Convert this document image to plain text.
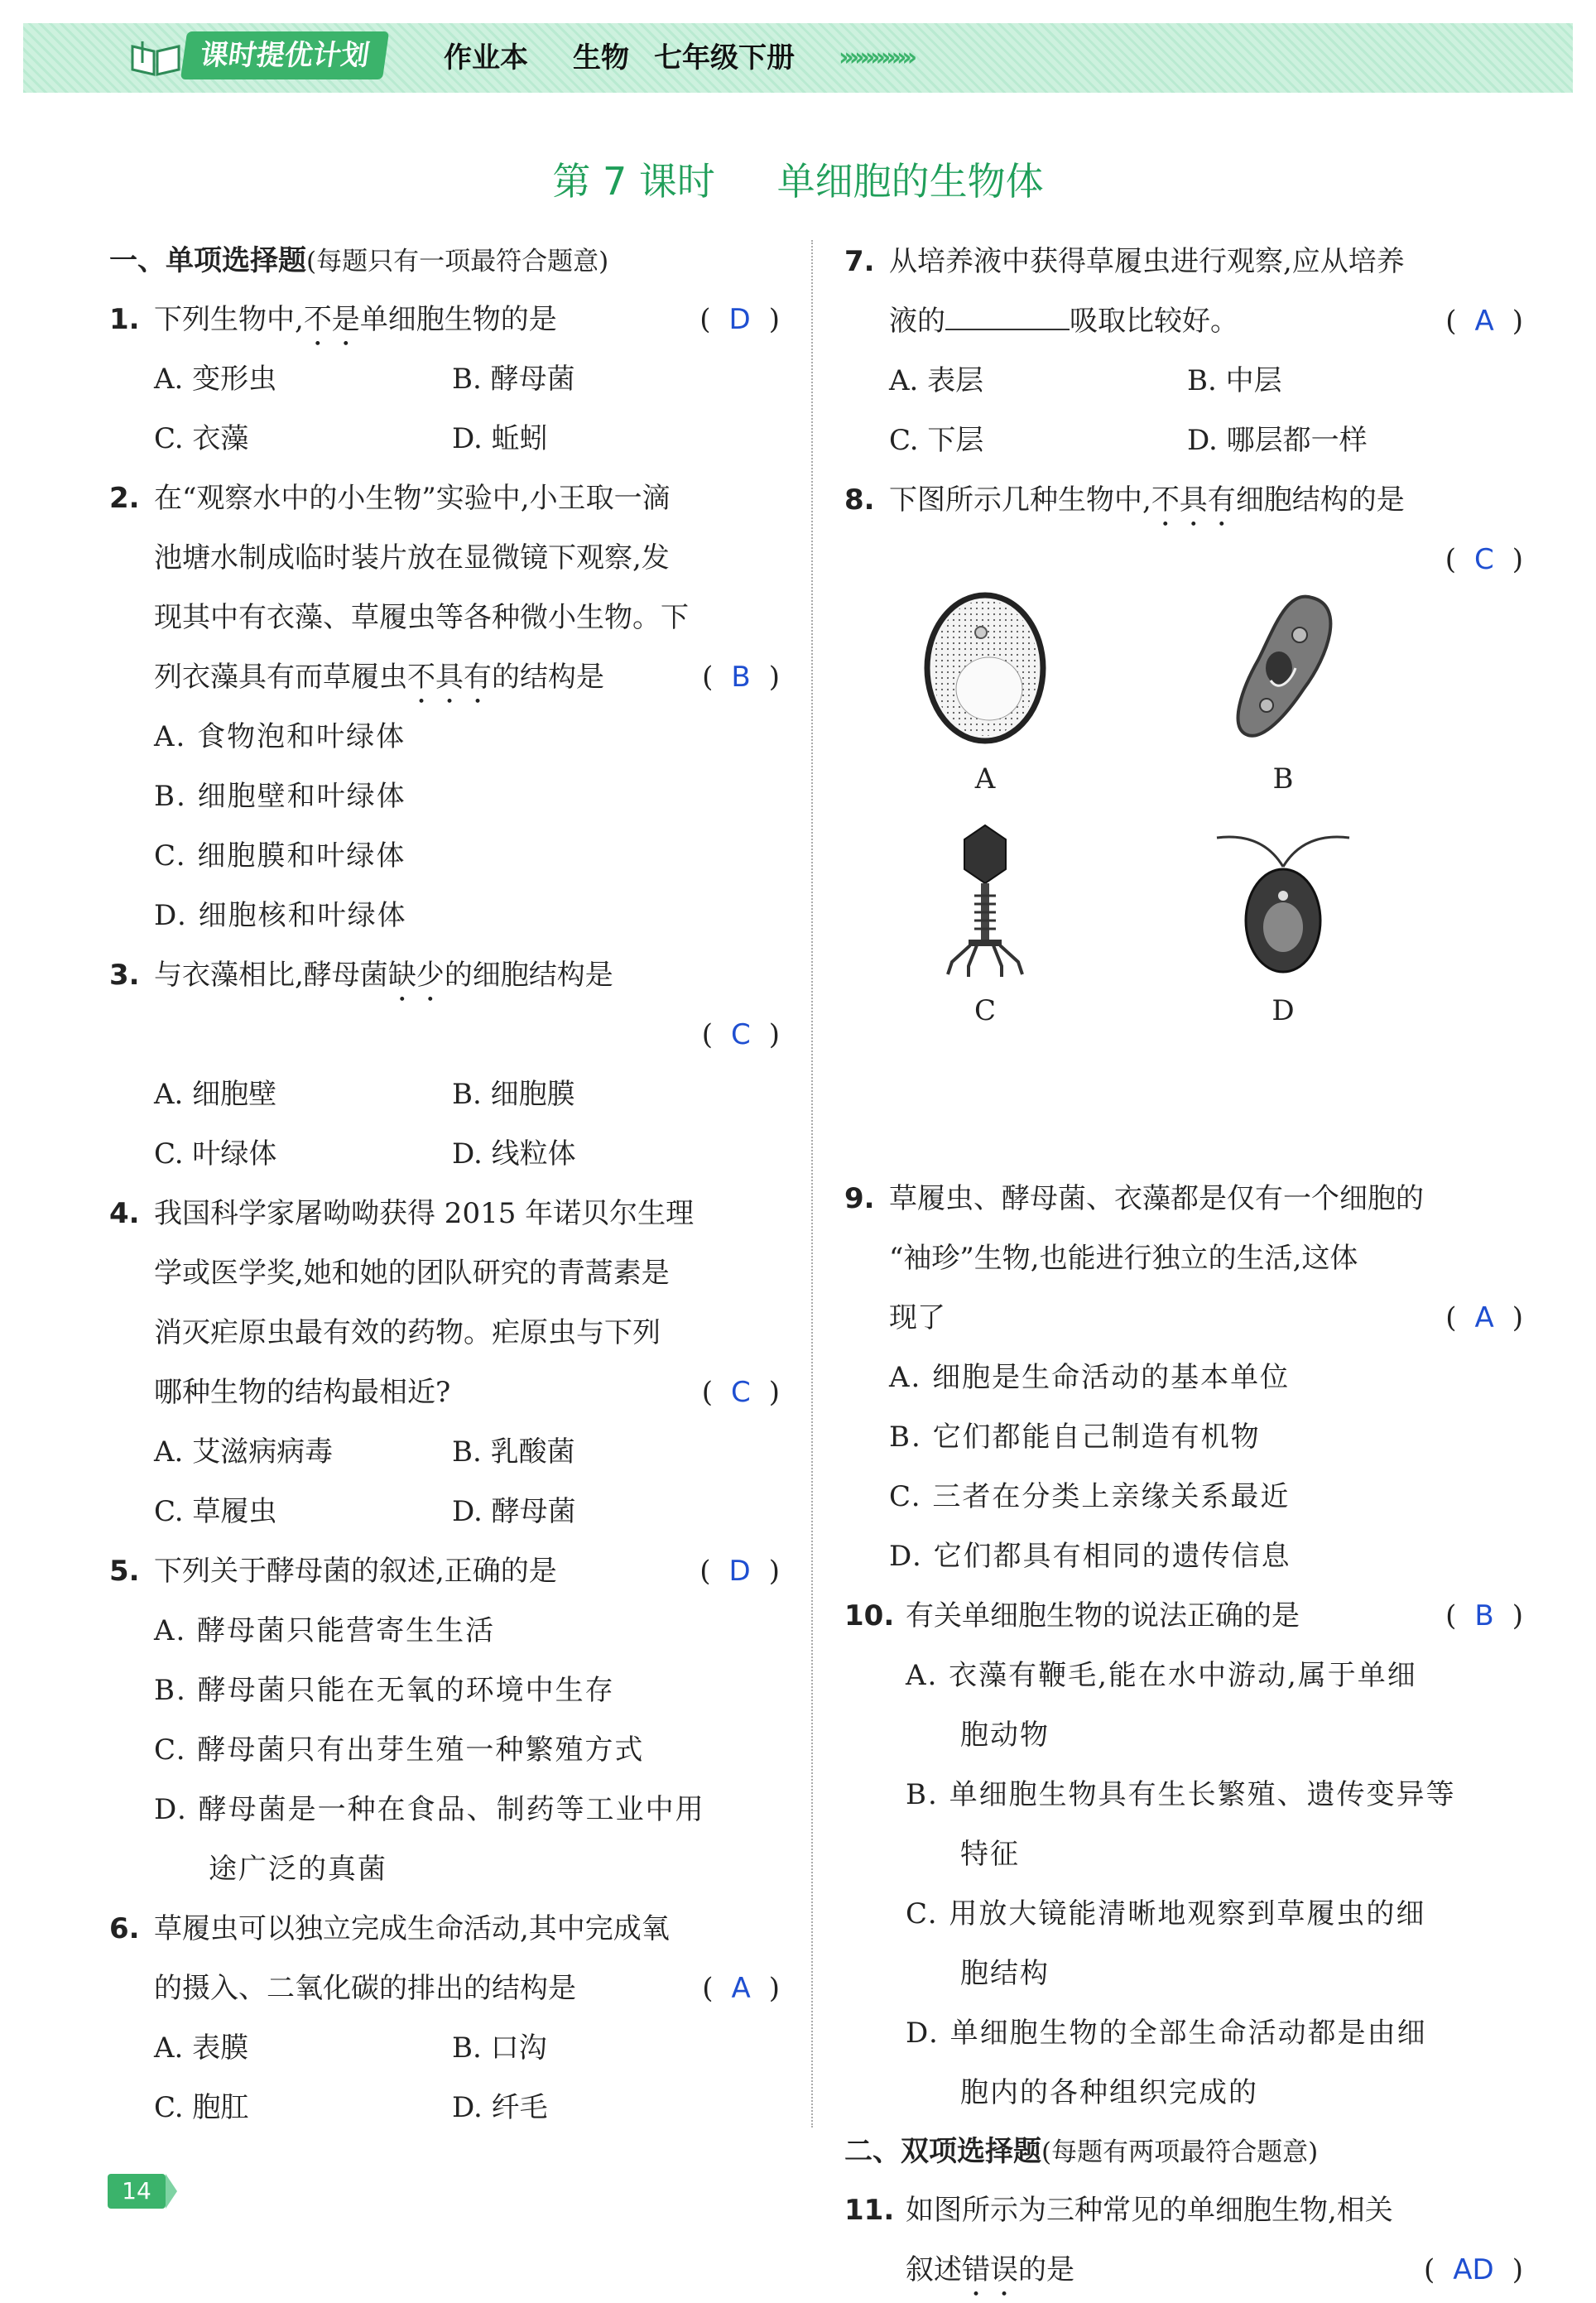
课时提优计划	作业本 生物 七年级下册 ››››››››››››››
第 7 课时 单细胞的生物体
一、单项选择题(每题只有一项最符合题意)
1. 下列生物中,不是单细胞生物的是	( D )
A. 变形虫	B. 酵母菌
C. 衣藻	D. 蚯蚓
2. 在“观察水中的小生物”实验中,小王取一滴
池塘水制成临时装片放在显微镜下观察,发
现其中有衣藻、草履虫等各种微小生物。下
列衣藻具有而草履虫不具有的结构是	( B )
A. 食物泡和叶绿体
B. 细胞壁和叶绿体
C. 细胞膜和叶绿体
D. 细胞核和叶绿体
3. 与衣藻相比,酵母菌缺少的细胞结构是
( C )
A. 细胞壁	B. 细胞膜
C. 叶绿体	D. 线粒体
4. 我国科学家屠呦呦获得 2015 年诺贝尔生理
学或医学奖,她和她的团队研究的青蒿素是
消灭疟原虫最有效的药物。疟原虫与下列
哪种生物的结构最相近?	( C )
A. 艾滋病病毒	B. 乳酸菌
C. 草履虫	D. 酵母菌
5. 下列关于酵母菌的叙述,正确的是	( D )
A. 酵母菌只能营寄生生活
B. 酵母菌只能在无氧的环境中生存
C. 酵母菌只有出芽生殖一种繁殖方式
D. 酵母菌是一种在食品、制药等工业中用
途广泛的真菌
6. 草履虫可以独立完成生命活动,其中完成氧
的摄入、二氧化碳的排出的结构是	( A )
A. 表膜	B. 口沟
C. 胞肛	D. 纤毛
7. 从培养液中获得草履虫进行观察,应从培养
液的	吸取比较好。	( A )
A. 表层	B. 中层
C. 下层	D. 哪层都一样
8. 下图所示几种生物中,不具有细胞结构的是
( C )
A	B
C	D
9. 草履虫、酵母菌、衣藻都是仅有一个细胞的
“袖珍”生物,也能进行独立的生活,这体
现了	( A )
A. 细胞是生命活动的基本单位
B. 它们都能自己制造有机物
C. 三者在分类上亲缘关系最近
D. 它们都具有相同的遗传信息
10. 有关单细胞生物的说法正确的是	( B )
A. 衣藻有鞭毛,能在水中游动,属于单细
胞动物
B. 单细胞生物具有生长繁殖、遗传变异等
特征
C. 用放大镜能清晰地观察到草履虫的细
胞结构
D. 单细胞生物的全部生命活动都是由细
胞内的各种组织完成的
二、双项选择题(每题有两项最符合题意)
11. 如图所示为三种常见的单细胞生物,相关
叙述错误的是	( AD )
14
